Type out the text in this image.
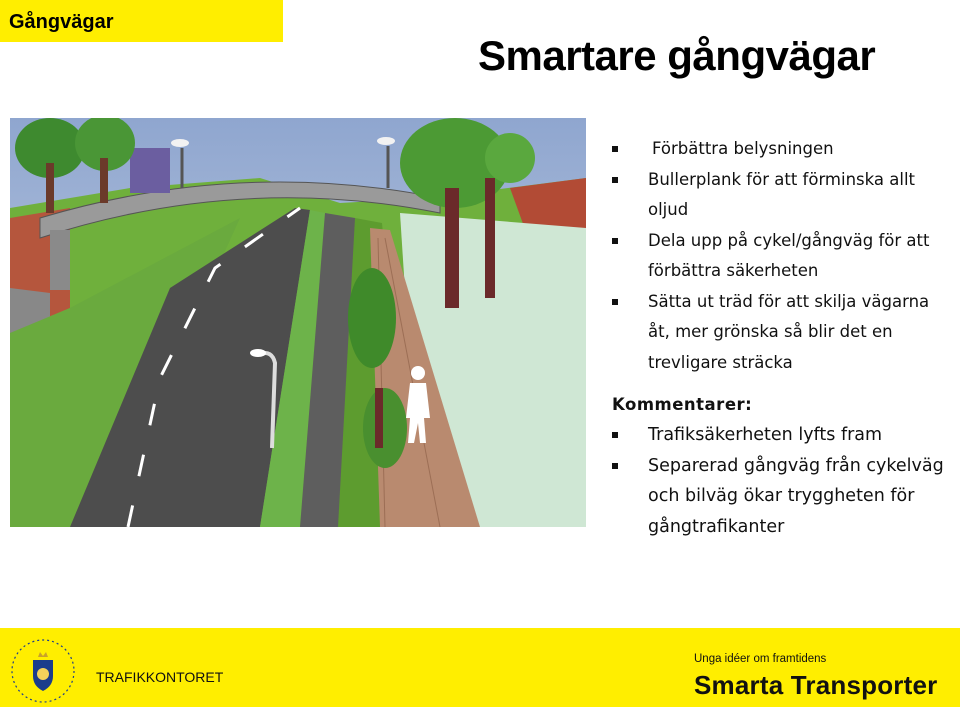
Gångvägar
Smartare gångvägar
Förbättra belysningen
Bullerplank för att förminska allt oljud
Dela upp på cykel/gångväg för att förbättra säkerheten
Sätta ut träd för att skilja vägarna åt, mer grönska så blir det en trevligare sträcka
Kommentarer:
Trafiksäkerheten lyfts fram
Separerad gångväg från cykelväg och bilväg ökar tryggheten för gångtrafikanter
TRAFIKKONTORET
Unga idéer om framtidens
Smarta Transporter
